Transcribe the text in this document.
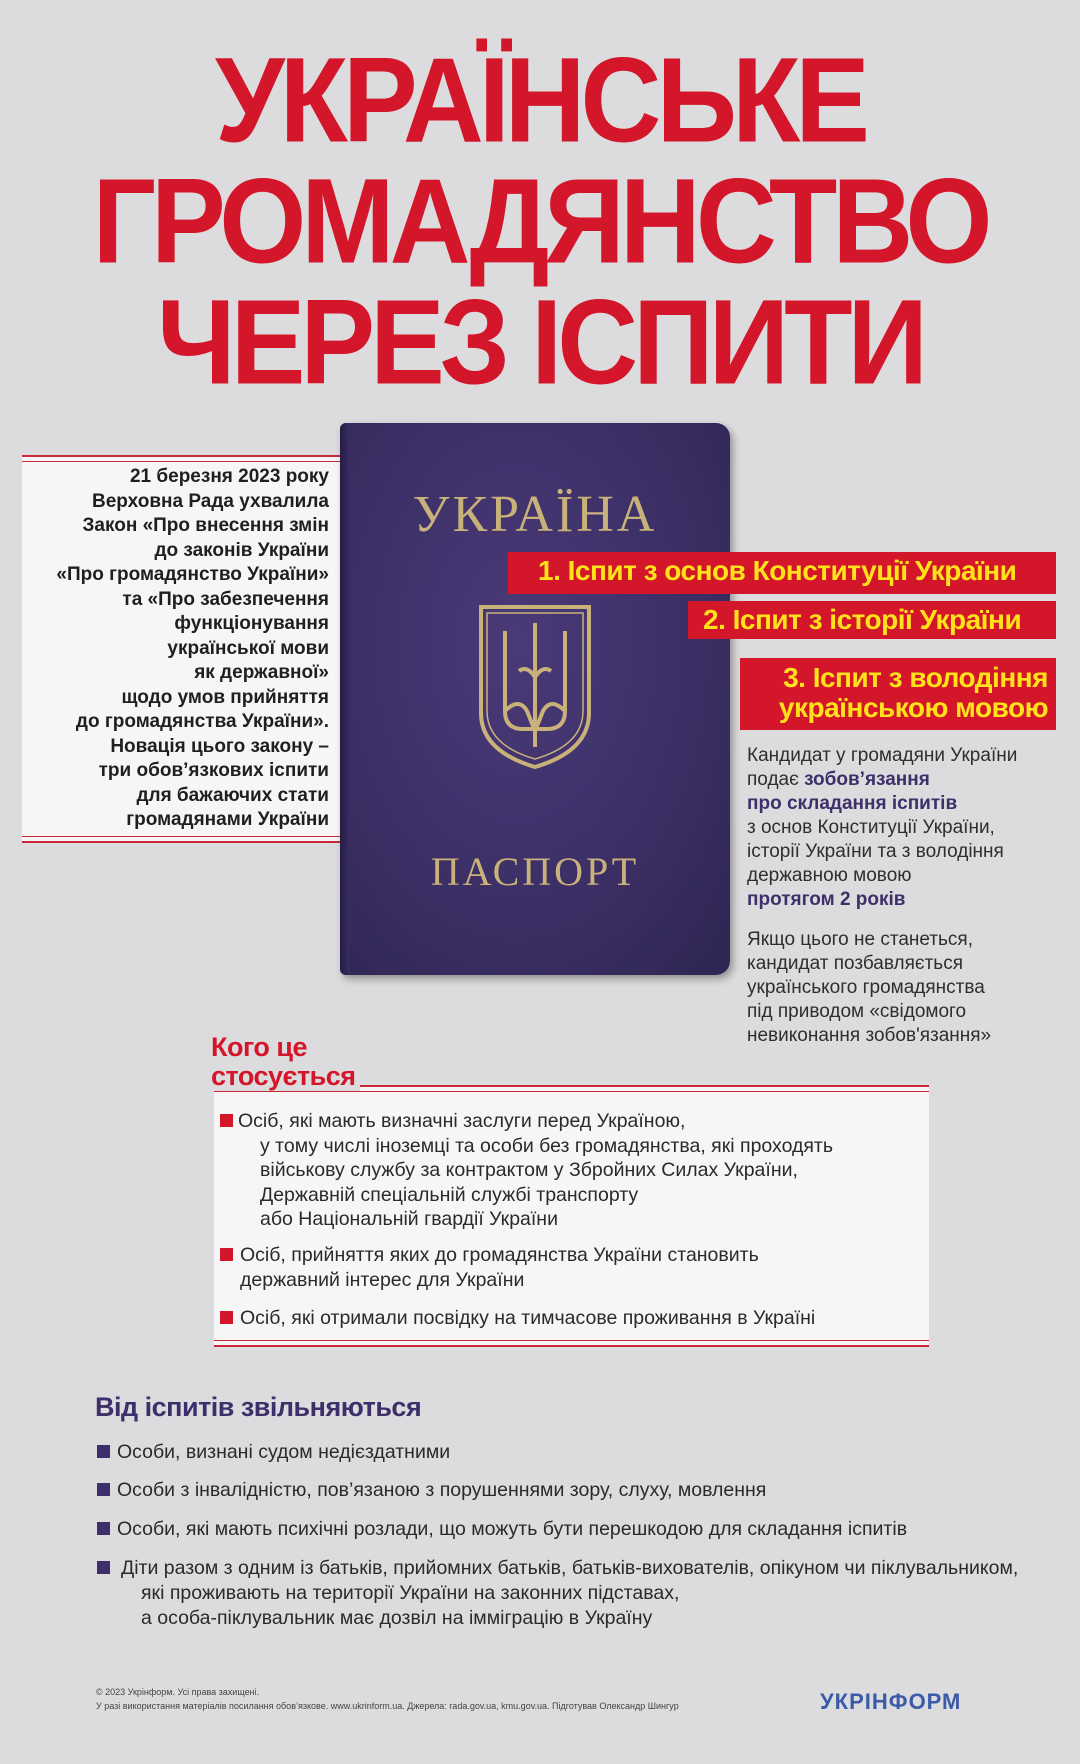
УКРАЇНСЬКЕ
ГРОМАДЯНСТВО
ЧЕРЕЗ ІСПИТИ
21 березня 2023 року
Верховна Рада ухвалила
Закон «Про внесення змін
до законів України
«Про громадянство України»
та «Про забезпечення
функціонування
української мови
як державної»
щодо умов прийняття
до громадянства України».
Новація цього закону –
три обов’язкових іспити
для бажаючих стати
громадянами України
УКРАЇНА
ПАСПОРТ
1. Іспит з основ Конституції України
2. Іспит з історії України
3. Іспит з володіння
українською мовою
Кандидат у громадяни України
подає зобов’язання
про складання іспитів
з основ Конституції України,
історії України та з володіння
державною мовою
протягом 2 років
Якщо цього не станеться,
кандидат позбавляється
українського громадянства
під приводом «свідомого
невиконання зобов'язання»
Кого це
стосується
Осіб, які мають визначні заслуги перед Україною,
у тому числі іноземці та особи без громадянства, які проходять
військову службу за контрактом у Збройних Силах України,
Державній спеціальній службі транспорту
або Національній гвардії України
Осіб, прийняття яких до громадянства України становить
державний інтерес для України
Осіб, які отримали посвідку на тимчасове проживання в Україні
Від іспитів звільняються
Особи, визнані судом недієздатними
Особи з інвалідністю, пов’язаною з порушеннями зору, слуху, мовлення
Особи, які мають психічні розлади, що можуть бути перешкодою для складання іспитів
Діти разом з одним із батьків, прийомних батьків, батьків-вихователів, опікуном чи піклувальником,
які проживають на території України на законних підставах,
а особа-піклувальник має дозвіл на імміграцію в Україну
© 2023 Укрінформ. Усі права захищені.
У разі використання матеріалів посилання обов’язкове. www.ukrinform.ua. Джерела: rada.gov.ua, kmu.gov.ua. Підготував Олександр Шингур	УКРІНФОРМ
